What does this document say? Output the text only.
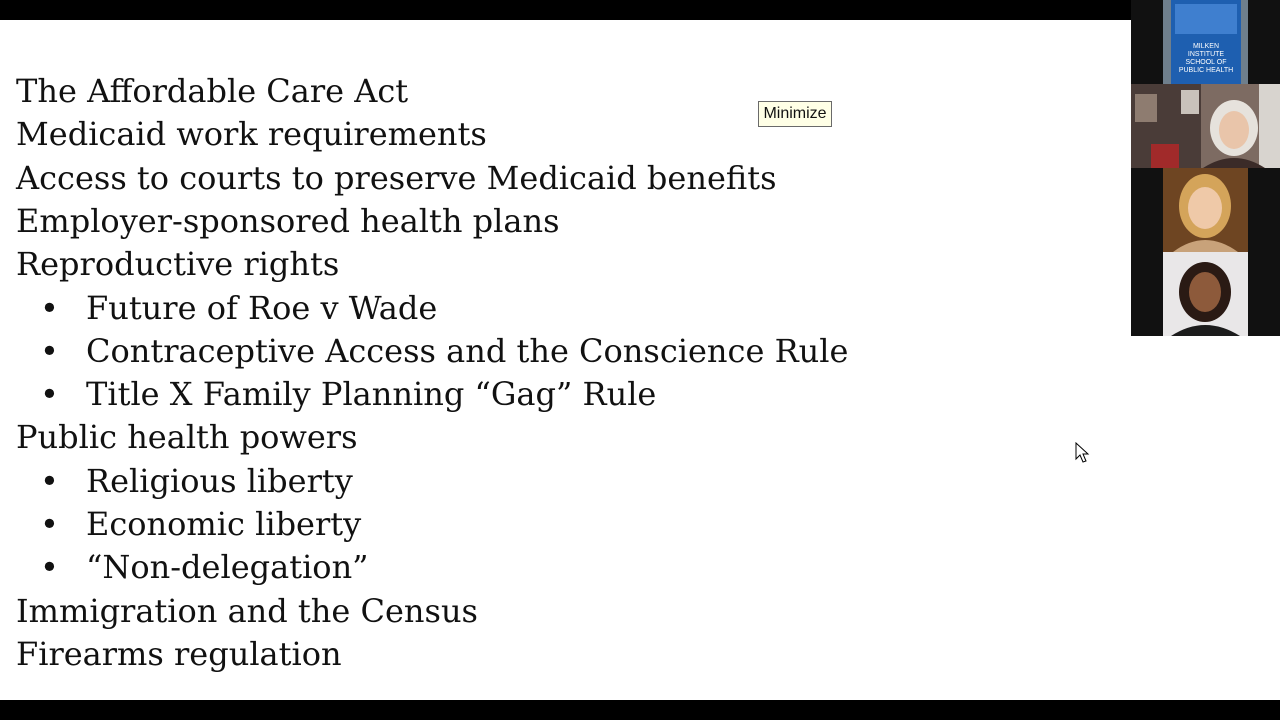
The Affordable Care Act
Medicaid work requirements
Access to courts to preserve Medicaid benefits
Employer-sponsored health plans
Reproductive rights
• Future of Roe v Wade
• Contraceptive Access and the Conscience Rule
• Title X Family Planning “Gag” Rule
Public health powers
• Religious liberty
• Economic liberty
• “Non-delegation”
Immigration and the Census
Firearms regulation
Minimize
MILKEN
INSTITUTE
SCHOOL OF
PUBLIC HEALTH
